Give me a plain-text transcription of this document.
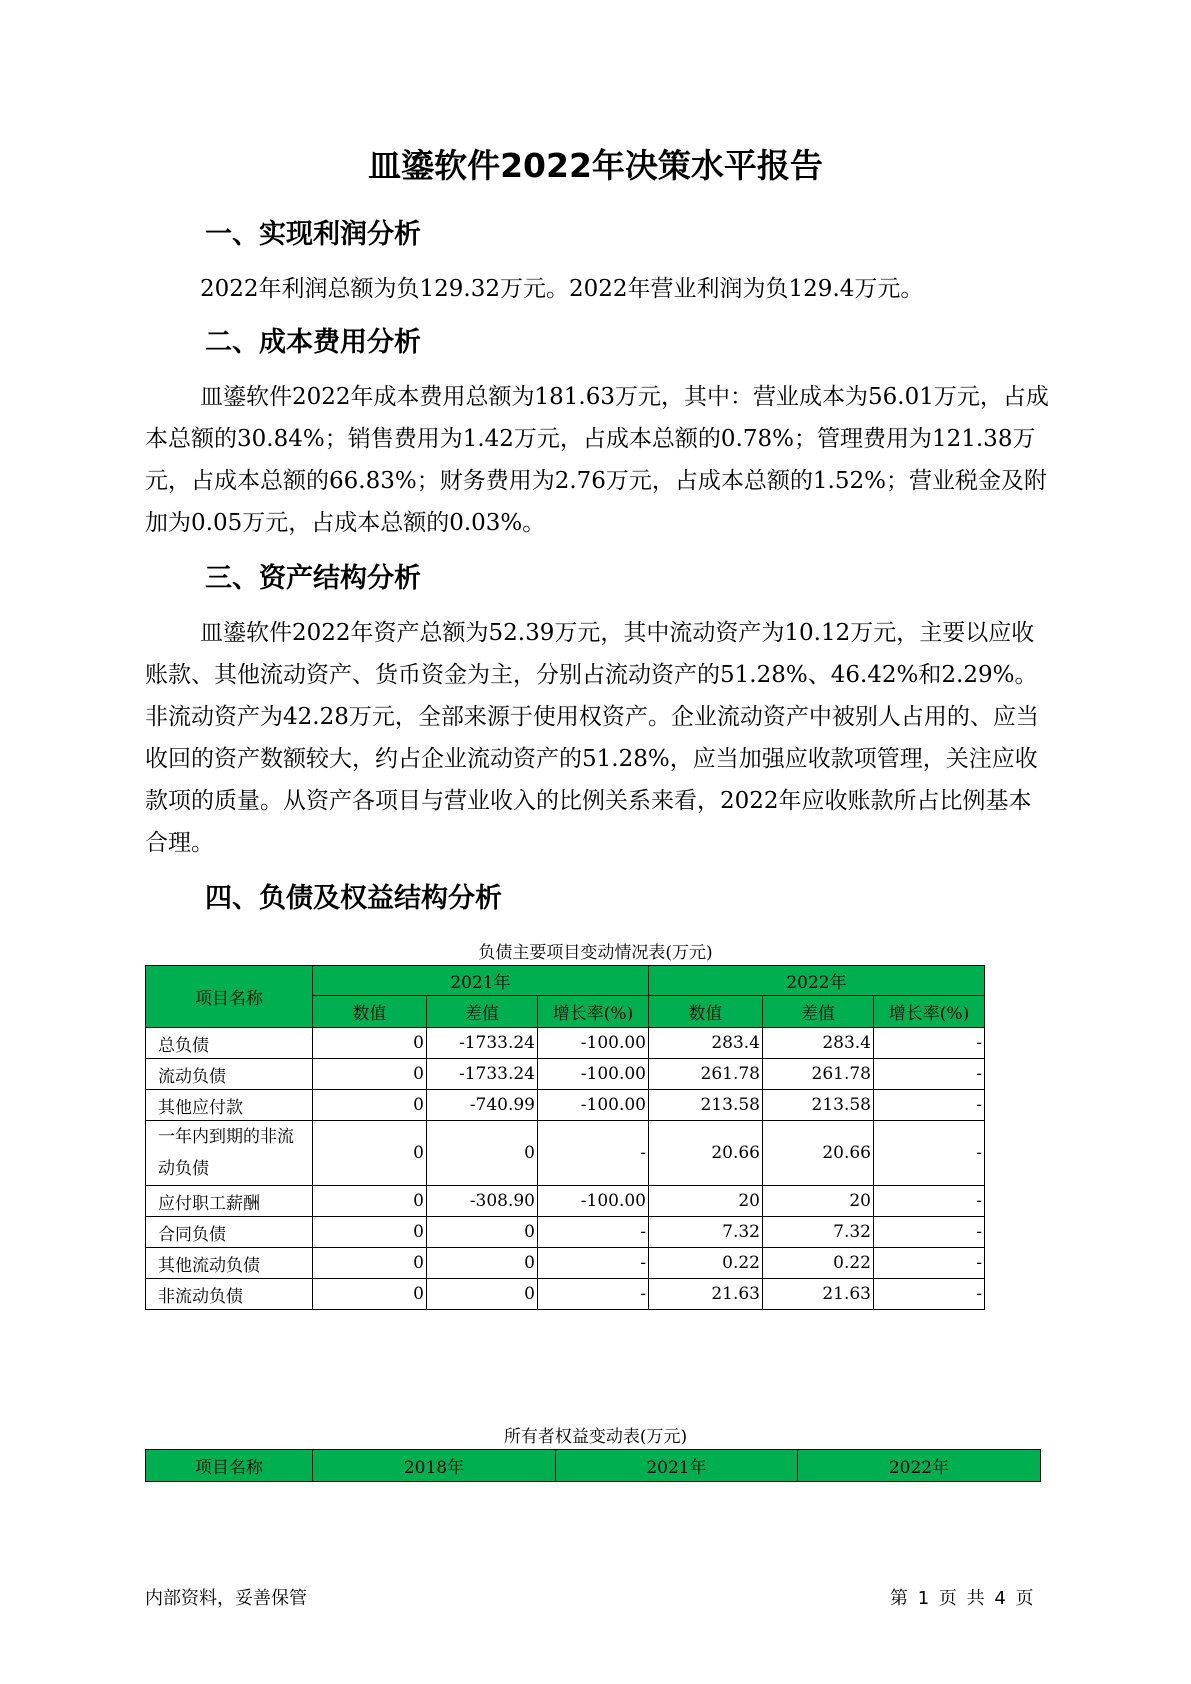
皿鎏软件2022年决策水平报告
一、实现利润分析

2022年利润总额为负129.32万元。2022年营业利润为负129.4万元。

二、成本费用分析

皿鎏软件2022年成本费用总额为181.63万元，其中：营业成本为56.01万元，占成本总额的30.84%；销售费用为1.42万元，占成本总额的0.78%；管理费用为121.38万元，占成本总额的66.83%；财务费用为2.76万元，占成本总额的1.52%；营业税金及附加为0.05万元，占成本总额的0.03%。

三、资产结构分析

皿鎏软件2022年资产总额为52.39万元，其中流动资产为10.12万元，主要以应收账款、其他流动资产、货币资金为主，分别占流动资产的51.28%、46.42%和2.29%。非流动资产为42.28万元，全部来源于使用权资产。企业流动资产中被别人占用的、应当收回的资产数额较大，约占企业流动资产的51.28%，应当加强应收款项管理，关注应收款项的质量。从资产各项目与营业收入的比例关系来看，2022年应收账款所占比例基本合理。

四、负债及权益结构分析
负债主要项目变动情况表(万元)
项目名称	2021年			2022年		
	数值	差值	增长率(%)	数值	差值	增长率(%)
总负债	0	-1733.24	-100.00	283.4	283.4	-
流动负债	0	-1733.24	-100.00	261.78	261.78	-
其他应付款	0	-740.99	-100.00	213.58	213.58	-
一年内到期的非流动负债	0	0	-	20.66	20.66	-
应付职工薪酬	0	-308.90	-100.00	20	20	-
合同负债	0	0	-	7.32	7.32	-
其他流动负债	0	0	-	0.22	0.22	-
非流动负债	0	0	-	21.63	21.63	-
所有者权益变动表(万元)
项目名称	2018年	2021年	2022年
内部资料，妥善保管	第 1 页 共 4 页
